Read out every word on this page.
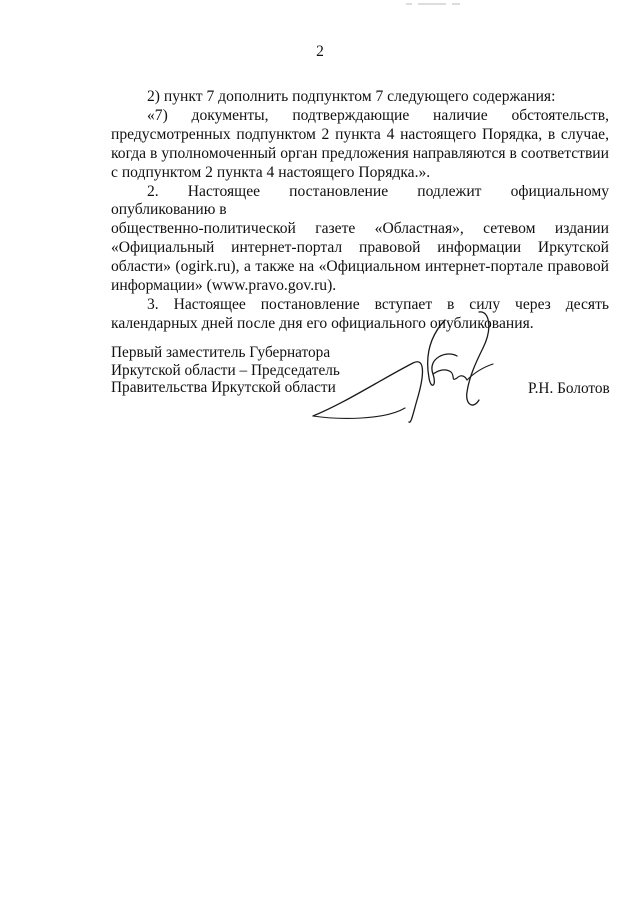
2

2) пункт 7 дополнить подпунктом 7 следующего содержания:

«7) документы, подтверждающие наличие обстоятельств,

предусмотренных подпунктом 2 пункта 4 настоящего Порядка, в случае, когда в уполномоченный орган предложения направляются в соответствии с подпунктом 2 пункта 4 настоящего Порядка.».

2. Настоящее постановление подлежит официальному опубликованию в

общественно-политической газете «Областная», сетевом издании

«Официальный интернет-портал правовой информации Иркутской области» (ogirk.ru), а также на «Официальном интернет-портале правовой информации» (www.pravo.gov.ru).

3. Настоящее постановление вступает в силу через десять календарных дней после дня его официального опубликования.

Первый заместитель Губернатора
Иркутской области – Председатель
Правительства Иркутской области	Р.Н. Болотов
